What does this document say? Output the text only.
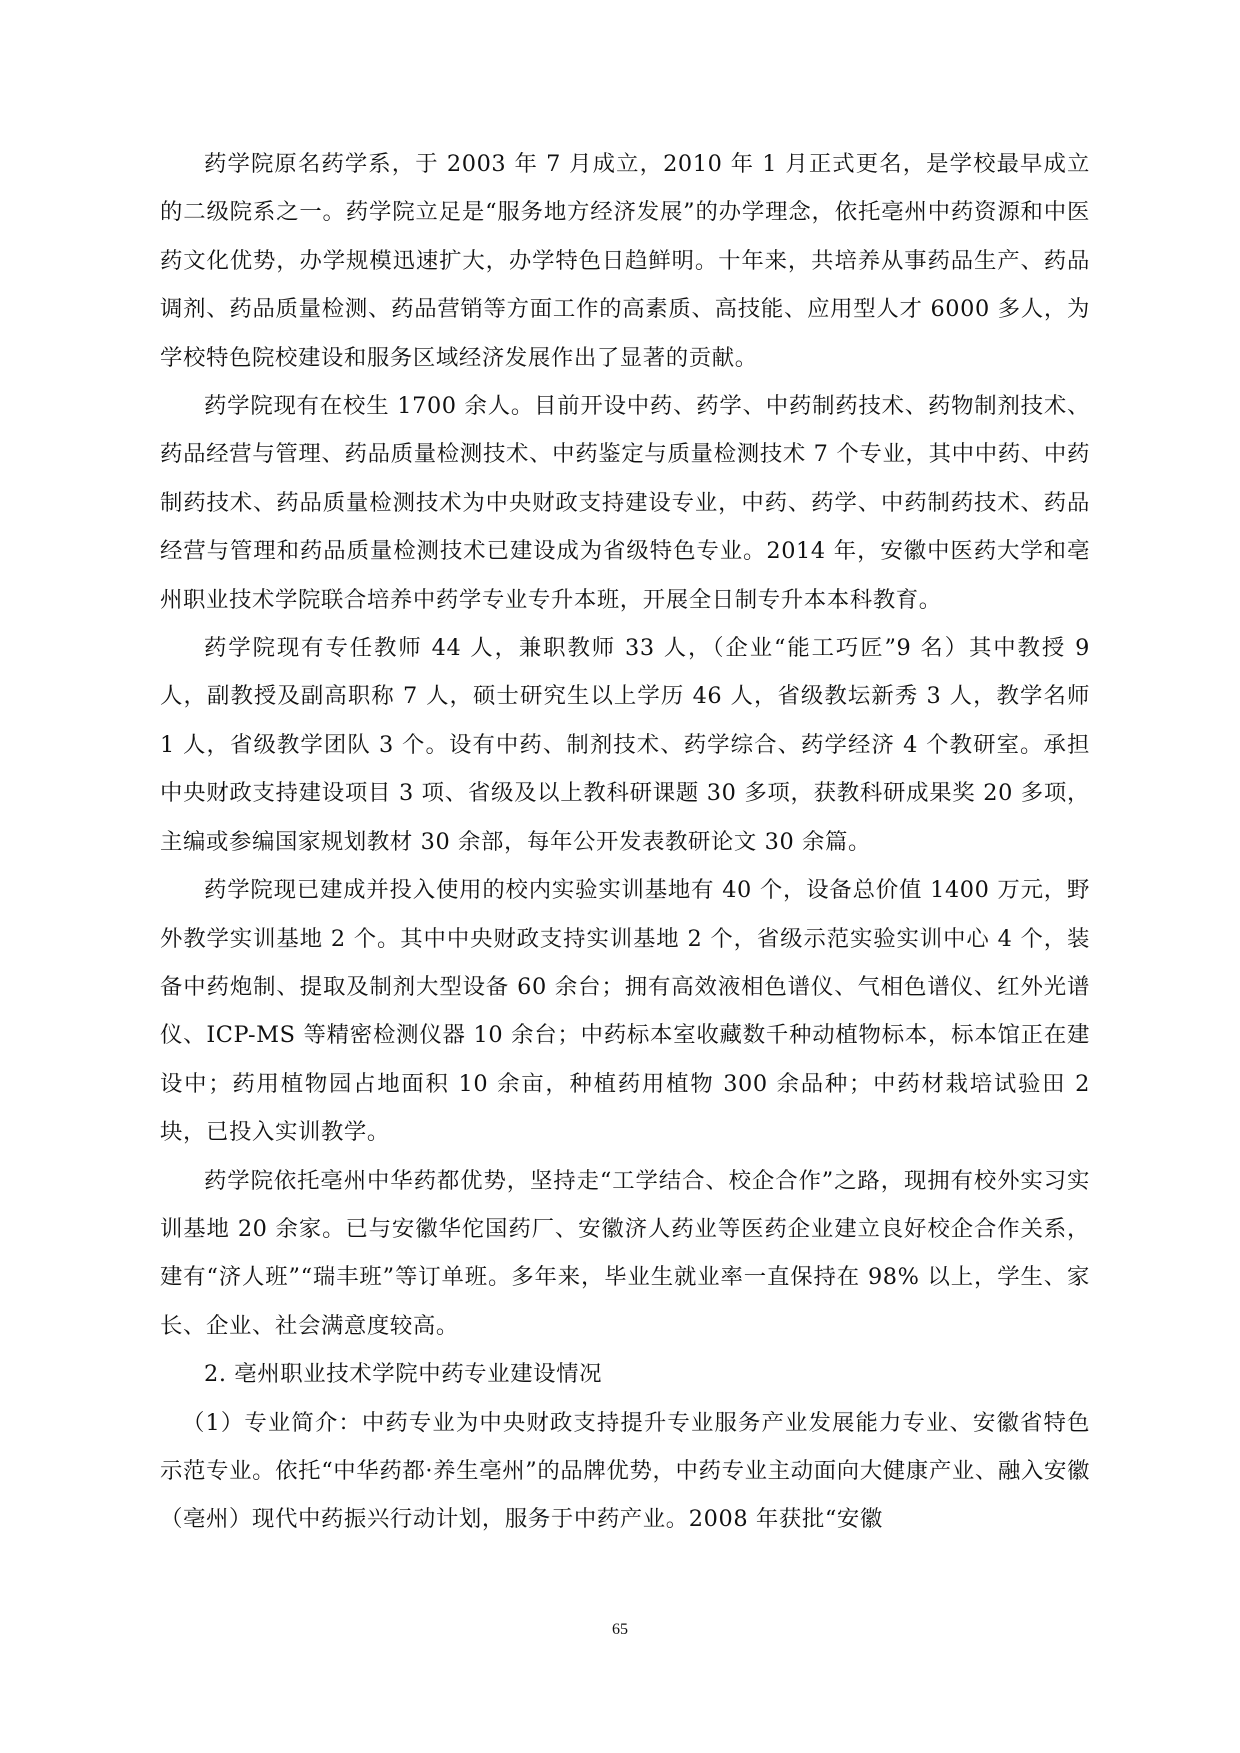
药学院原名药学系，于 2003 年 7 月成立，2010 年 1 月正式更名，是学校最早成立的二级院系之一。药学院立足是“服务地方经济发展”的办学理念，依托亳州中药资源和中医药文化优势，办学规模迅速扩大，办学特色日趋鲜明。十年来，共培养从事药品生产、药品调剂、药品质量检测、药品营销等方面工作的高素质、高技能、应用型人才 6000 多人，为学校特色院校建设和服务区域经济发展作出了显著的贡献。

药学院现有在校生 1700 余人。目前开设中药、药学、中药制药技术、药物制剂技术、药品经营与管理、药品质量检测技术、中药鉴定与质量检测技术 7 个专业，其中中药、中药制药技术、药品质量检测技术为中央财政支持建设专业，中药、药学、中药制药技术、药品经营与管理和药品质量检测技术已建设成为省级特色专业。2014 年，安徽中医药大学和亳州职业技术学院联合培养中药学专业专升本班，开展全日制专升本本科教育。

药学院现有专任教师 44 人，兼职教师 33 人，（企业“能工巧匠”9 名）其中教授 9 人，副教授及副高职称 7 人，硕士研究生以上学历 46 人，省级教坛新秀 3 人，教学名师 1 人，省级教学团队 3 个。设有中药、制剂技术、药学综合、药学经济 4 个教研室。承担中央财政支持建设项目 3 项、省级及以上教科研课题 30 多项，获教科研成果奖 20 多项，主编或参编国家规划教材 30 余部，每年公开发表教研论文 30 余篇。

药学院现已建成并投入使用的校内实验实训基地有 40 个，设备总价值 1400 万元，野外教学实训基地 2 个。其中中央财政支持实训基地 2 个，省级示范实验实训中心 4 个，装备中药炮制、提取及制剂大型设备 60 余台；拥有高效液相色谱仪、气相色谱仪、红外光谱仪、ICP-MS 等精密检测仪器 10 余台；中药标本室收藏数千种动植物标本，标本馆正在建设中；药用植物园占地面积 10 余亩，种植药用植物 300 余品种；中药材栽培试验田 2 块，已投入实训教学。

药学院依托亳州中华药都优势，坚持走“工学结合、校企合作”之路，现拥有校外实习实训基地 20 余家。已与安徽华佗国药厂、安徽济人药业等医药企业建立良好校企合作关系，建有“济人班”“瑞丰班”等订单班。多年来，毕业生就业率一直保持在 98% 以上，学生、家长、企业、社会满意度较高。

2. 亳州职业技术学院中药专业建设情况

（1）专业简介：中药专业为中央财政支持提升专业服务产业发展能力专业、安徽省特色示范专业。依托“中华药都·养生亳州”的品牌优势，中药专业主动面向大健康产业、融入安徽（亳州）现代中药振兴行动计划，服务于中药产业。2008 年获批“安徽

65
